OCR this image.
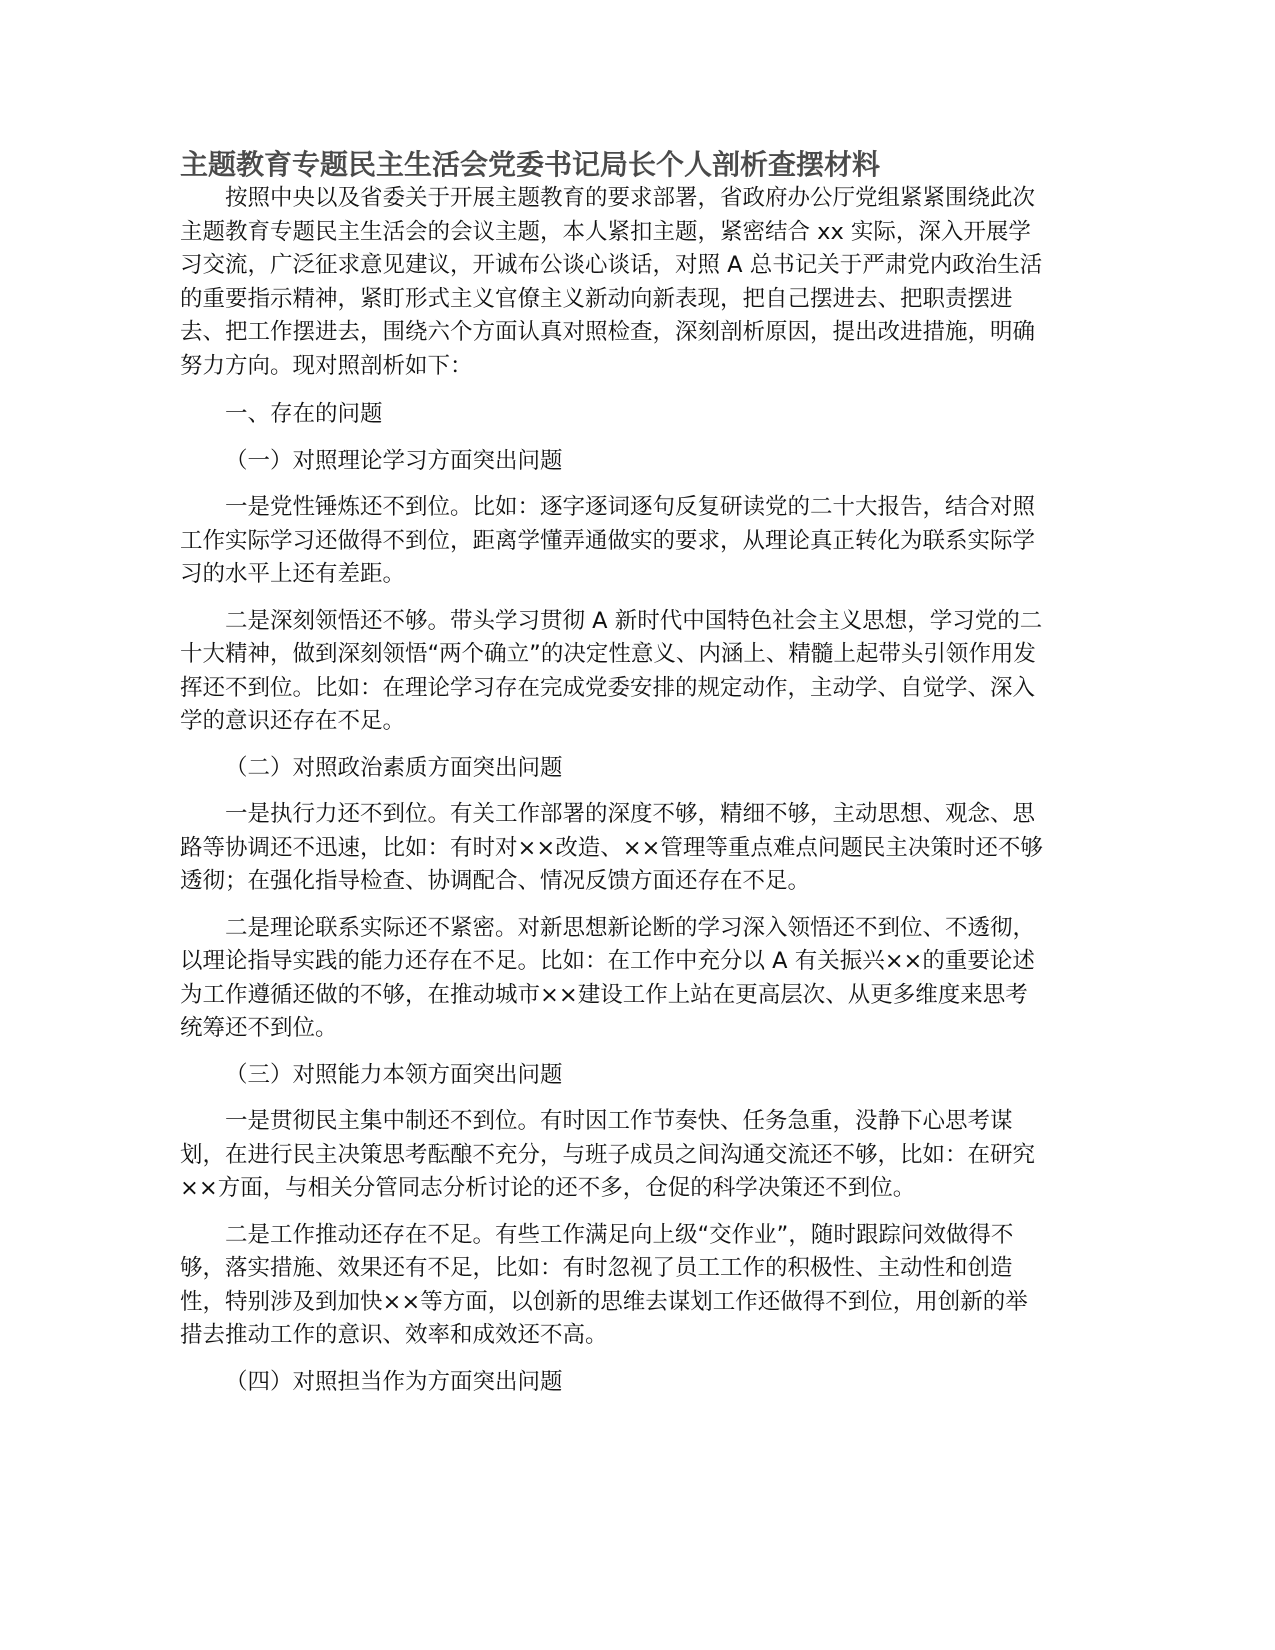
主题教育专题民主生活会党委书记局长个人剖析查摆材料

按照中央以及省委关于开展主题教育的要求部署，省政府办公厅党组紧紧围绕此次主题教育专题民主生活会的会议主题，本人紧扣主题，紧密结合 xx 实际，深入开展学习交流，广泛征求意见建议，开诚布公谈心谈话，对照 A 总书记关于严肃党内政治生活的重要指示精神，紧盯形式主义官僚主义新动向新表现，把自己摆进去、把职责摆进去、把工作摆进去，围绕六个方面认真对照检查，深刻剖析原因，提出改进措施，明确努力方向。现对照剖析如下：

一、存在的问题

（一）对照理论学习方面突出问题

一是党性锤炼还不到位。比如：逐字逐词逐句反复研读党的二十大报告，结合对照工作实际学习还做得不到位，距离学懂弄通做实的要求，从理论真正转化为联系实际学习的水平上还有差距。

二是深刻领悟还不够。带头学习贯彻 A 新时代中国特色社会主义思想，学习党的二十大精神，做到深刻领悟“两个确立”的决定性意义、内涵上、精髓上起带头引领作用发挥还不到位。比如：在理论学习存在完成党委安排的规定动作，主动学、自觉学、深入学的意识还存在不足。

（二）对照政治素质方面突出问题

一是执行力还不到位。有关工作部署的深度不够，精细不够，主动思想、观念、思路等协调还不迅速，比如：有时对××改造、××管理等重点难点问题民主决策时还不够透彻；在强化指导检查、协调配合、情况反馈方面还存在不足。

二是理论联系实际还不紧密。对新思想新论断的学习深入领悟还不到位、不透彻，以理论指导实践的能力还存在不足。比如：在工作中充分以 A 有关振兴××的重要论述为工作遵循还做的不够，在推动城市××建设工作上站在更高层次、从更多维度来思考统筹还不到位。

（三）对照能力本领方面突出问题

一是贯彻民主集中制还不到位。有时因工作节奏快、任务急重，没静下心思考谋划，在进行民主决策思考酝酿不充分，与班子成员之间沟通交流还不够，比如：在研究××方面，与相关分管同志分析讨论的还不多，仓促的科学决策还不到位。

二是工作推动还存在不足。有些工作满足向上级“交作业”，随时跟踪问效做得不够，落实措施、效果还有不足，比如：有时忽视了员工工作的积极性、主动性和创造性，特别涉及到加快××等方面，以创新的思维去谋划工作还做得不到位，用创新的举措去推动工作的意识、效率和成效还不高。

（四）对照担当作为方面突出问题
